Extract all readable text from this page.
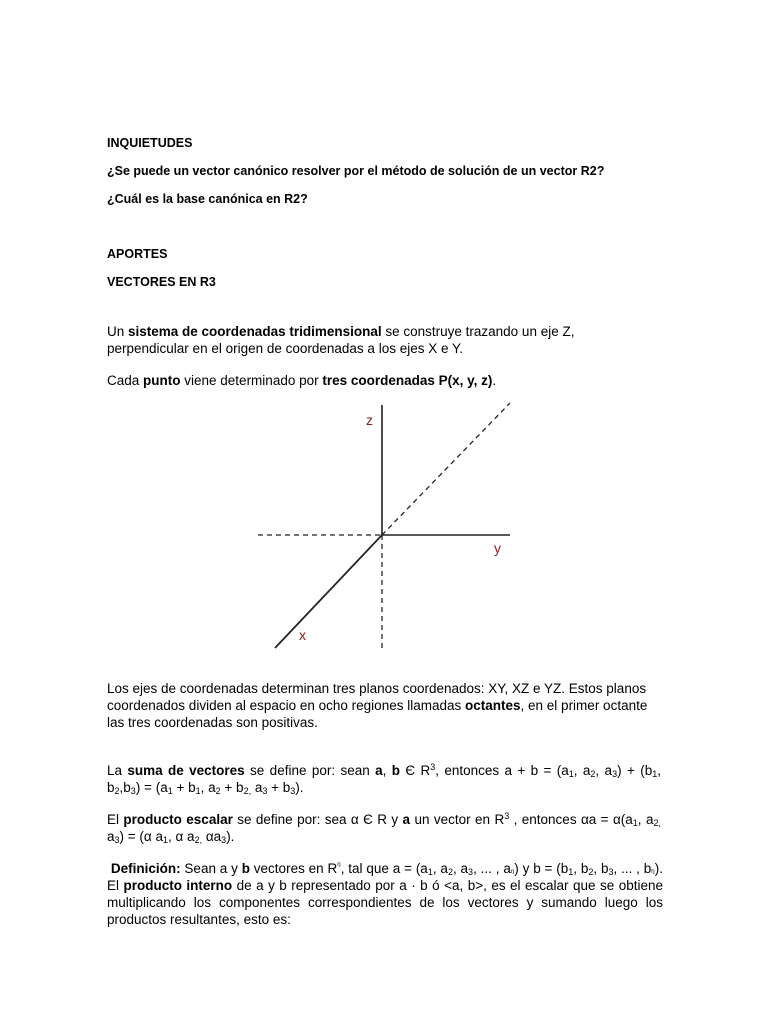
INQUIETUDES
¿Se puede un vector canónico resolver por el método de solución de un vector R2?
¿Cuál es la base canónica en R2?
APORTES
VECTORES EN R3
Un sistema de coordenadas tridimensional se construye trazando un eje Z, perpendicular en el origen de coordenadas a los ejes X e Y.
Cada punto viene determinado por tres coordenadas P(x, y, z).
z
y
x
Los ejes de coordenadas determinan tres planos coordenados: XY, XZ e YZ. Estos planos coordenados dividen al espacio en ocho regiones llamadas octantes, en el primer octante las tres coordenadas son positivas.
La suma de vectores se define por: sean a, b Є $R^3$, entonces $a + b = (a_1$, $a_2$, $a_3) + (b_1$, $b_2,b_3) = (a_1 + b_1$, $a_2 + b_{2,}$ $a_3 + b_3$).
El producto escalar se define por: sea α Є R y a un vector en $R^3$ , entonces $\alpha a = \alpha(a_1$, $a_{2,}$ $a_3) = (\alpha$ $a_1$, α $a_{2,}$ $\alpha a_3$).
Definición: Sean a y b vectores en $R^ᵑ$, tal que $a = (a_1$, $a_2$, $a_3$, ... , $a_ᵑ$) y $b = (b_1$, $b_2$, $b_3$, ... , $b_ᵑ$). El producto interno de a y b representado por a · b ó <a, b>, es el escalar que se obtiene multiplicando los componentes correspondientes de los vectores y sumando luego los productos resultantes, esto es:
